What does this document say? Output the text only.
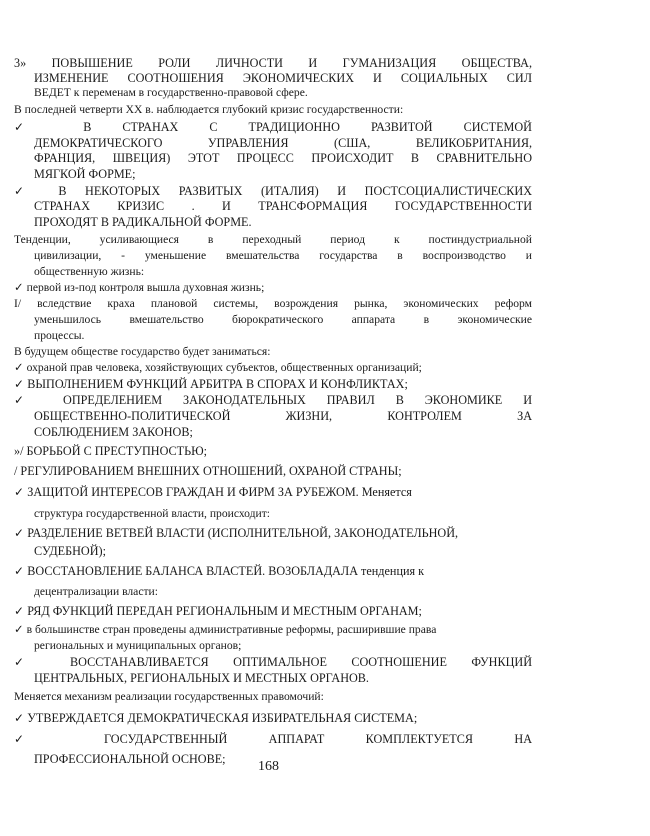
3» ПОВЫШЕНИЕ РОЛИ ЛИЧНОСТИ И ГУМАНИЗАЦИЯ ОБЩЕСТВА,
ИЗМЕНЕНИЕ СООТНОШЕНИЯ ЭКОНОМИЧЕСКИХ И СОЦИАЛЬНЫХ СИЛ
ВЕДЕТ к переменам в государственно-правовой сфере.
В последней четверти XX в. наблюдается глубокий кризис государственности:
✓ В СТРАНАХ С ТРАДИЦИОННО РАЗВИТОЙ СИСТЕМОЙ
ДЕМОКРАТИЧЕСКОГО УПРАВЛЕНИЯ (США, ВЕЛИКОБРИТАНИЯ,
ФРАНЦИЯ, ШВЕЦИЯ) ЭТОТ ПРОЦЕСС ПРОИСХОДИТ В СРАВНИТЕЛЬНО
МЯГКОЙ ФОРМЕ;
✓ В НЕКОТОРЫХ РАЗВИТЫХ (ИТАЛИЯ) И ПОСТСОЦИАЛИСТИЧЕСКИХ
СТРАНАХ КРИЗИС . И ТРАНСФОРМАЦИЯ ГОСУДАРСТВЕННОСТИ
ПРОХОДЯТ В РАДИКАЛЬНОЙ ФОРМЕ.
Тенденции, усиливающиеся в переходный период к постиндустриальной
цивилизации, - уменьшение вмешательства государства в воспроизводство и
общественную жизнь:
✓ первой из-под контроля вышла духовная жизнь;
I/ вследствие краха плановой системы, возрождения рынка, экономических реформ
уменьшилось вмешательство бюрократического аппарата в экономические
процессы.
В будущем обществе государство будет заниматься:
✓ охраной прав человека, хозяйствующих субъектов, общественных организаций;
✓ ВЫПОЛНЕНИЕМ ФУНКЦИЙ АРБИТРА В СПОРАХ И КОНФЛИКТАХ;
✓ ОПРЕДЕЛЕНИЕМ ЗАКОНОДАТЕЛЬНЫХ ПРАВИЛ В ЭКОНОМИКЕ И
ОБЩЕСТВЕННО-ПОЛИТИЧЕСКОЙ ЖИЗНИ, КОНТРОЛЕМ ЗА
СОБЛЮДЕНИЕМ ЗАКОНОВ;
»/ БОРЬБОЙ С ПРЕСТУПНОСТЬЮ;
/ РЕГУЛИРОВАНИЕМ ВНЕШНИХ ОТНОШЕНИЙ, ОХРАНОЙ СТРАНЫ;
✓ ЗАЩИТОЙ ИНТЕРЕСОВ ГРАЖДАН И ФИРМ ЗА РУБЕЖОМ. Меняется
структура государственной власти, происходит:
✓ РАЗДЕЛЕНИЕ ВЕТВЕЙ ВЛАСТИ (ИСПОЛНИТЕЛЬНОЙ, ЗАКОНОДАТЕЛЬНОЙ,
СУДЕБНОЙ);
✓ ВОССТАНОВЛЕНИЕ БАЛАНСА ВЛАСТЕЙ. ВОЗОБЛАДАЛА тенденция к
децентрализации власти:
✓ РЯД ФУНКЦИЙ ПЕРЕДАН РЕГИОНАЛЬНЫМ И МЕСТНЫМ ОРГАНАМ;
✓ в большинстве стран проведены административные реформы, расширившие права
региональных и муниципальных органов;
✓ ВОССТАНАВЛИВАЕТСЯ ОПТИМАЛЬНОЕ СООТНОШЕНИЕ ФУНКЦИЙ
ЦЕНТРАЛЬНЫХ, РЕГИОНАЛЬНЫХ И МЕСТНЫХ ОРГАНОВ.
Меняется механизм реализации государственных правомочий:
✓ УТВЕРЖДАЕТСЯ ДЕМОКРАТИЧЕСКАЯ ИЗБИРАТЕЛЬНАЯ СИСТЕМА;
✓ ГОСУДАРСТВЕННЫЙ АППАРАТ КОМПЛЕКТУЕТСЯ НА
ПРОФЕССИОНАЛЬНОЙ ОСНОВЕ; 168
